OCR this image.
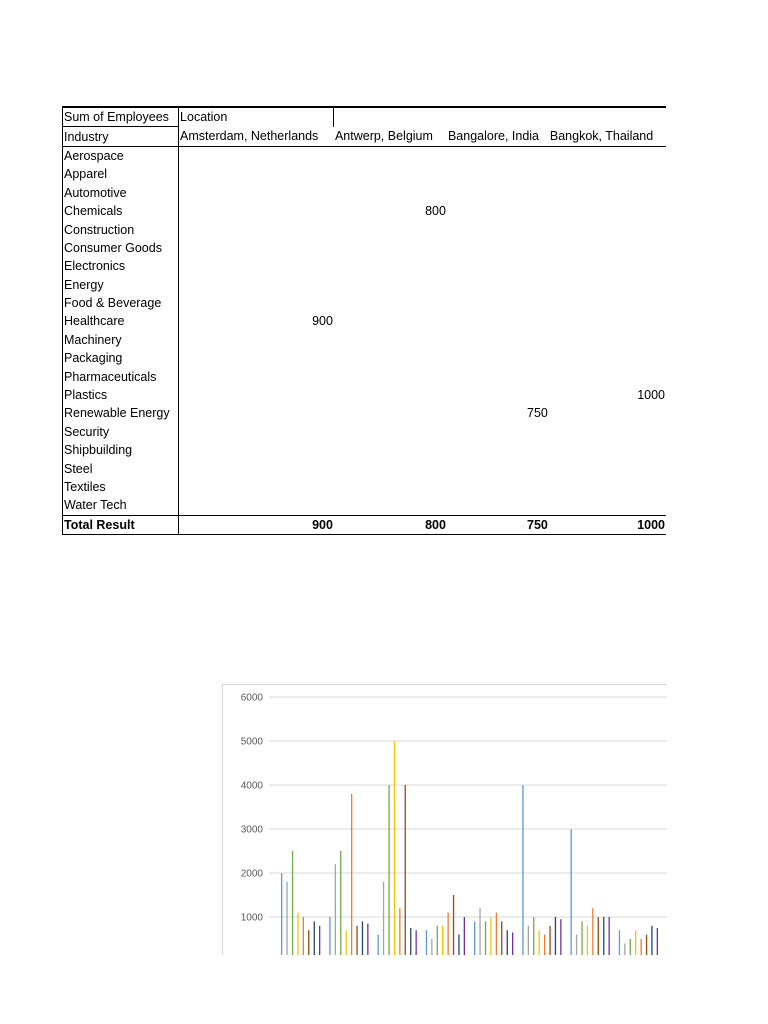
Sum of Employees	Location			
Industry	Amsterdam, Netherlands	Antwerp, Belgium	Bangalore, India	Bangkok, Thailand
Aerospace				
Apparel				
Automotive				
Chemicals		800		
Construction				
Consumer Goods				
Electronics				
Energy				
Food & Beverage				
Healthcare	900			
Machinery				
Packaging				
Pharmaceuticals				
Plastics				1000
Renewable Energy			750	
Security				
Shipbuilding				
Steel				
Textiles				
Water Tech				
Total Result	900	800	750	1000
6000
5000
4000
3000
2000
1000
